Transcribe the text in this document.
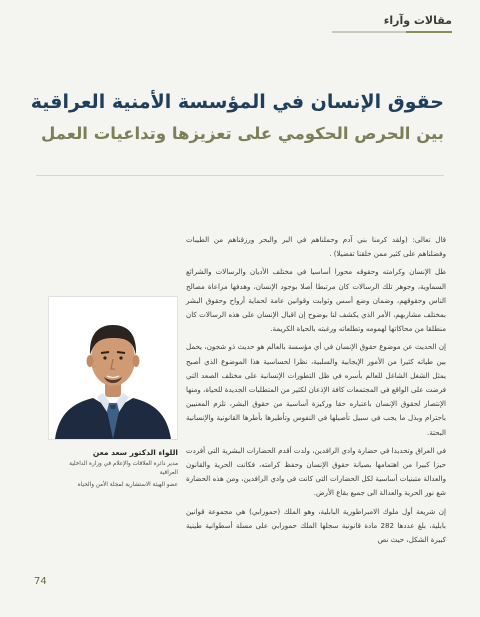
مقالات وآراء
حقوق الإنسان في المؤسسة الأمنية العراقية
بين الحرص الحكومي على تعزيزها وتداعيات العمل

قال تعالى: (ولقد كرمنا بني آدم وحملناهم في البر والبحر ورزقناهم من الطيبات وفضلناهم على كثير ممن خلقنا تفضيلا) .

ظل الإنسان وكرامته وحقوقه محورا أساسيا في مختلف الأديان والرسالات والشرائع السماوية، وجوهر تلك الرسالات كان مرتبطا أصلا بوجود الإنسان، وهدفها مراعاة مصالح الناس وحقوقهم، وضمان وضع أسس وثوابت وقوانين عامة لحماية أرواح وحقوق البشر بمختلف مشاربهم، الأمر الذي يكشف لنا بوضوح إن اقبال الإنسان على هذه الرسالات كان منطلقا من محاكاتها لهمومه وتطلعاته ورغبته بالحياة الكريمة.

إن الحديث عن موضوع حقوق الإنسان في أي مؤسسة بالعالم هو حديث ذو شجون، يحمل بين طياته كثيرا من الأمور الإيجابية والسلبية، نظرا لحساسية هذا الموضوع الذي أصبح يمثل الشغل الشاغل للعالم بأسره في ظل التطورات الإنسانية على مختلف الصعد التي فرضت على الواقع في المجتمعات كافة الإذعان لكثير من المتطلبات الجديدة للحياة، ومنها الإنتصار لحقوق الإنسان باعتباره حقا وركيزة أساسية من حقوق البشر، تلزم المعنيين باحترام وبذل ما يجب في سبيل تأصيلها في النفوس وتأطيرها بأطرها القانونية والإنسانية البحتة.

في العراق وتحديدا في حضارة وادي الرافدين، ولدت أقدم الحضارات البشرية التي أفردت حيزا كبيرا من اهتمامها بصيانة حقوق الإنسان وحفظ كرامته، فكانت الحرية والقانون والعدالة متبنيات أساسية لكل الحضارات التي كانت في وادي الرافدين، ومن هذه الحضارة شع نور الحرية والعدالة الى جميع بقاع الأرض.

إن شريعة أول ملوك الامبراطورية البابلية، وهو الملك (حمورابي) هي مجموعة قوانين بابلية، بلغ عددها 282 مادة قانونية سجلها الملك حمورابي على مسلة أسطوانية طينية كبيرة الشكل، حيث نص

اللواء الدكتور سعد معن
مدير دائرة العلاقات والإعلام في وزارة الداخلية العراقية
عضو الهيئة الاستشارية لمجلة الأمن والحياة
74
